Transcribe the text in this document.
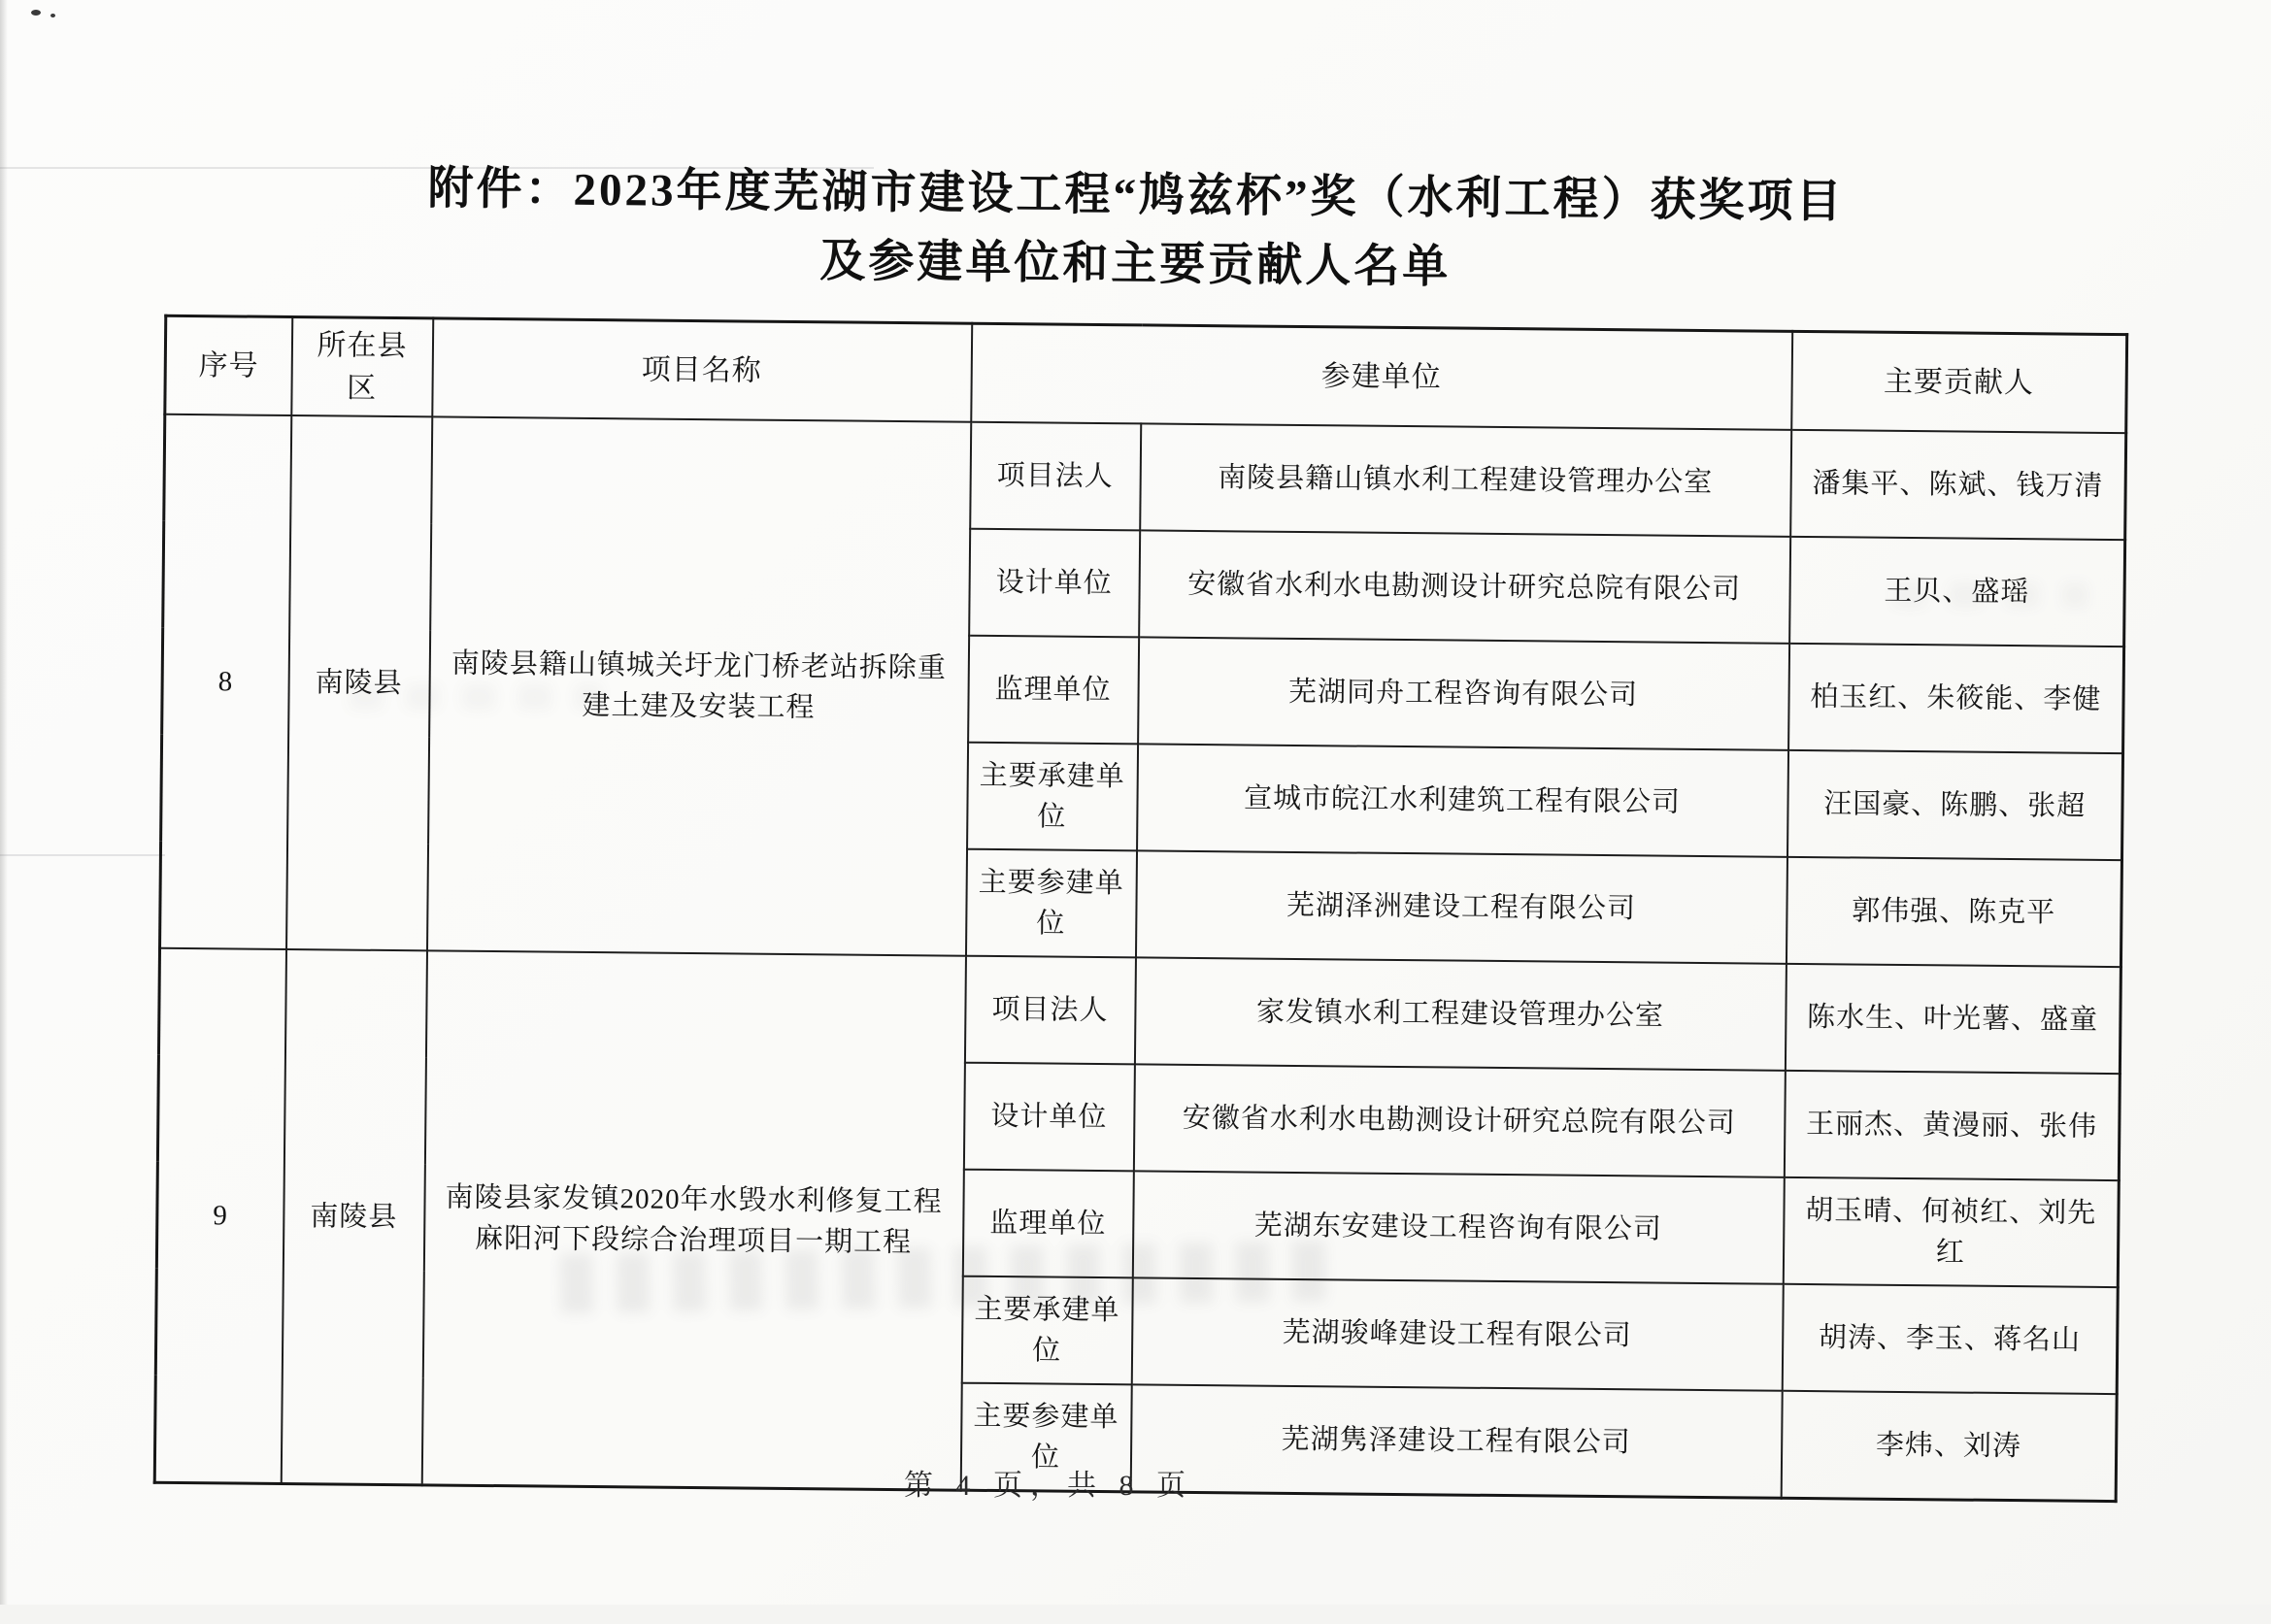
附件：2023年度芜湖市建设工程“鸠兹杯”奖（水利工程）获奖项目
及参建单位和主要贡献人名单
序号	所在县区	项目名称	参建单位		主要贡献人
8	南陵县	南陵县籍山镇城关圩龙门桥老站拆除重建土建及安装工程	项目法人	南陵县籍山镇水利工程建设管理办公室	潘集平、陈斌、钱万清
			设计单位	安徽省水利水电勘测设计研究总院有限公司	王贝、盛瑶
			监理单位	芜湖同舟工程咨询有限公司	柏玉红、朱筱能、李健
			主要承建单位	宣城市皖江水利建筑工程有限公司	汪国豪、陈鹏、张超
			主要参建单位	芜湖泽洲建设工程有限公司	郭伟强、陈克平
9	南陵县	南陵县家发镇2020年水毁水利修复工程麻阳河下段综合治理项目一期工程	项目法人	家发镇水利工程建设管理办公室	陈水生、叶光薯、盛童
			设计单位	安徽省水利水电勘测设计研究总院有限公司	王丽杰、黄漫丽、张伟
			监理单位	芜湖东安建设工程咨询有限公司	胡玉晴、何祯红、刘先红
			主要承建单位	芜湖骏峰建设工程有限公司	胡涛、李玉、蒋名山
			主要参建单位	芜湖隽泽建设工程有限公司	李炜、刘涛
第 4 页，共 8 页
